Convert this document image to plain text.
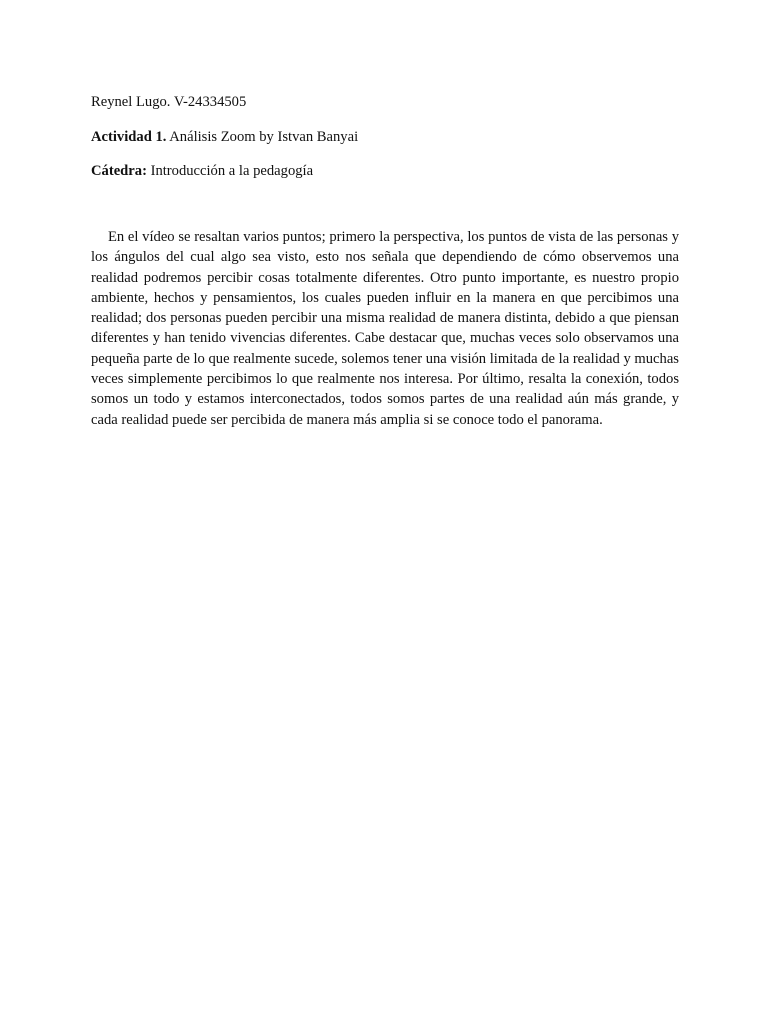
Reynel Lugo. V-24334505
Actividad 1. Análisis Zoom by Istvan Banyai
Cátedra: Introducción a la pedagogía

En el vídeo se resaltan varios puntos; primero la perspectiva, los puntos de vista de las personas y los ángulos del cual algo sea visto, esto nos señala que dependiendo de cómo observemos una realidad podremos percibir cosas totalmente diferentes. Otro punto importante, es nuestro propio ambiente, hechos y pensamientos, los cuales pueden influir en la manera en que percibimos una realidad; dos personas pueden percibir una misma realidad de manera distinta, debido a que piensan diferentes y han tenido vivencias diferentes. Cabe destacar que, muchas veces solo observamos una pequeña parte de lo que realmente sucede, solemos tener una visión limitada de la realidad y muchas veces simplemente percibimos lo que realmente nos interesa. Por último, resalta la conexión, todos somos un todo y estamos interconectados, todos somos partes de una realidad aún más grande, y cada realidad puede ser percibida de manera más amplia si se conoce todo el panorama.
